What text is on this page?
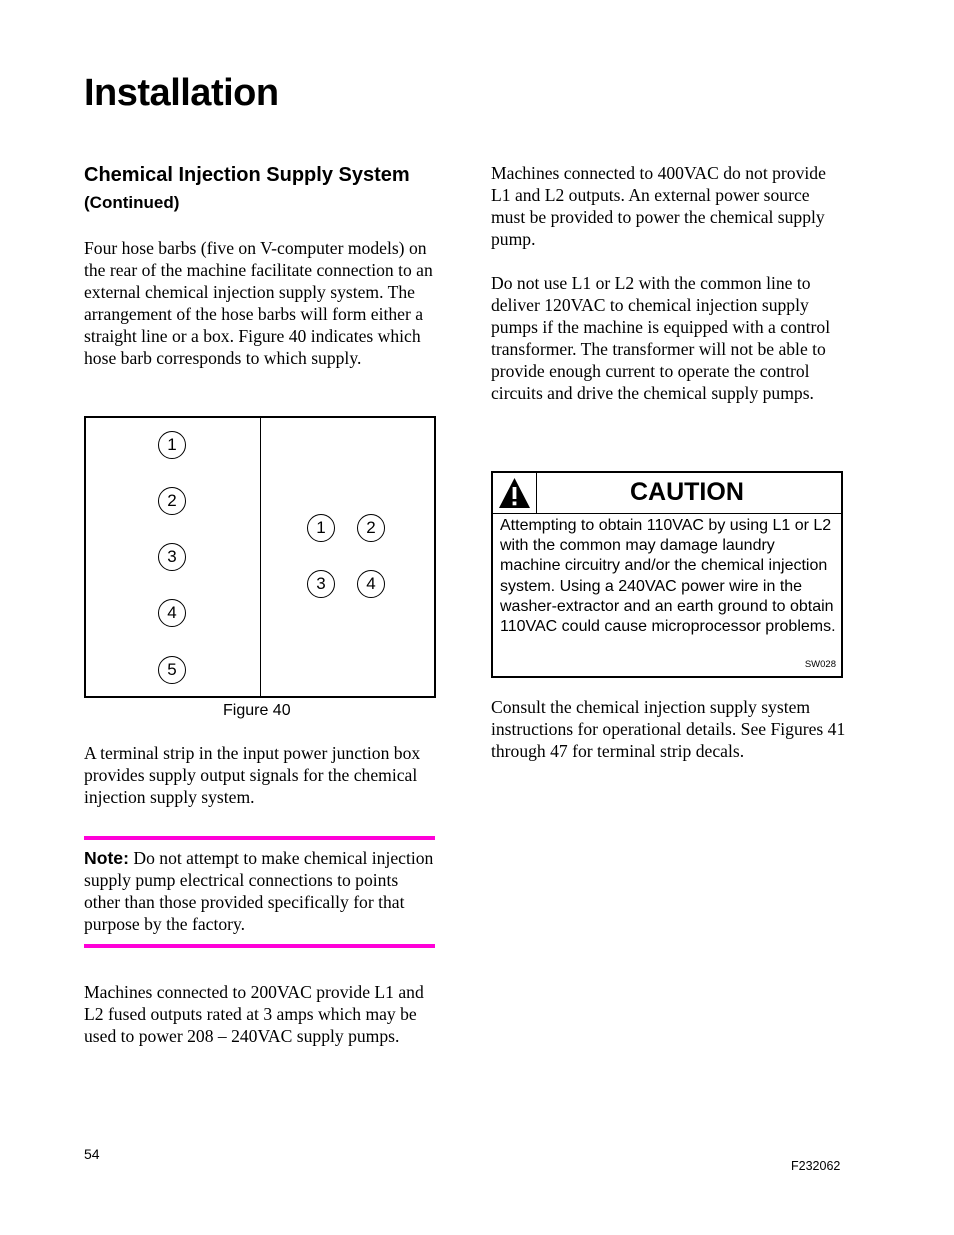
Installation
Chemical Injection Supply System (Continued)

Four hose barbs (five on V-computer models) on the rear of the machine facilitate connection to an external chemical injection supply system. The arrangement of the hose barbs will form either a straight line or a box. Figure 40 indicates which hose barb corresponds to which supply.

1
2
3
4
5
1	2
3	4

Figure 40

A terminal strip in the input power junction box provides supply output signals for the chemical injection supply system.

Note: Do not attempt to make chemical injection supply pump electrical connections to points other than those provided specifically for that purpose by the factory.

Machines connected to 200VAC provide L1 and L2 fused outputs rated at 3 amps which may be used to power 208 – 240VAC supply pumps.

Machines connected to 400VAC do not provide L1 and L2 outputs. An external power source must be provided to power the chemical supply pump.

Do not use L1 or L2 with the common line to deliver 120VAC to chemical injection supply pumps if the machine is equipped with a control transformer. The transformer will not be able to provide enough current to operate the control circuits and drive the chemical supply pumps.

CAUTION

Attempting to obtain 110VAC by using L1 or L2 with the common may damage laundry machine circuitry and/or the chemical injection system. Using a 240VAC power wire in the washer-extractor and an earth ground to obtain 110VAC could cause microprocessor problems.

SW028

Consult the chemical injection supply system instructions for operational details. See Figures 41 through 47 for terminal strip decals.

54

F232062
